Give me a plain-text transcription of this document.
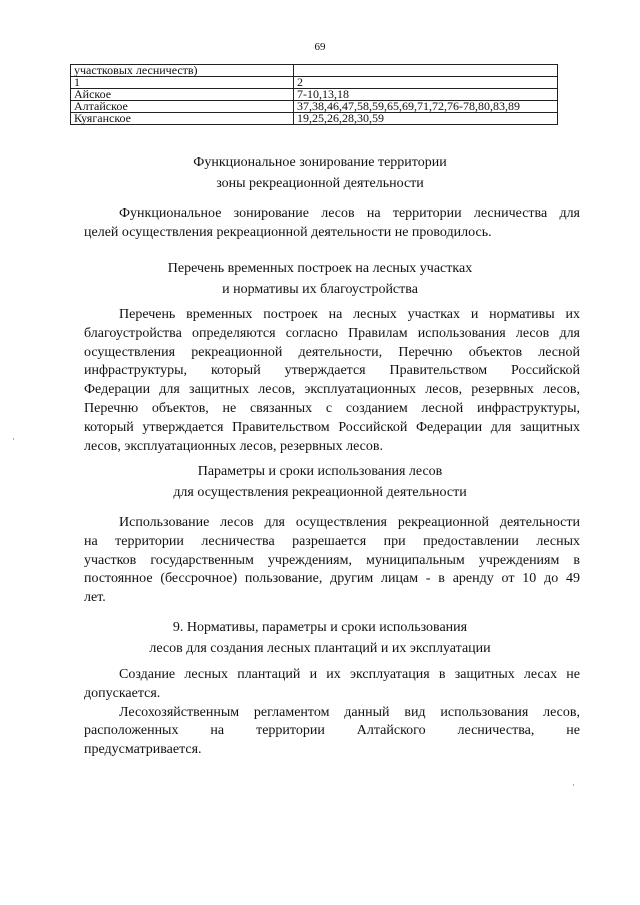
69
участковых лесничеств)	
1	2
Айское	7-10,13,18
Алтайское	37,38,46,47,58,59,65,69,71,72,76-78,80,83,89
Куяганское	19,25,26,28,30,59
Функциональное зонирование территории
зоны рекреационной деятельности
Функциональное зонирование лесов на территории лесничества для
целей осуществления рекреационной деятельности не проводилось.
Перечень временных построек на лесных участках
и нормативы их благоустройства
Перечень временных построек на лесных участках и нормативы их
благоустройства определяются согласно Правилам использования лесов для
осуществления рекреационной деятельности, Перечню объектов лесной
инфраструктуры, который утверждается Правительством Российской
Федерации для защитных лесов, эксплуатационных лесов, резервных лесов,
Перечню объектов, не связанных с созданием лесной инфраструктуры,
который утверждается Правительством Российской Федерации для защитных
лесов, эксплуатационных лесов, резервных лесов.
Параметры и сроки использования лесов
для осуществления рекреационной деятельности
Использование лесов для осуществления рекреационной деятельности
на территории лесничества разрешается при предоставлении лесных
участков государственным учреждениям, муниципальным учреждениям в
постоянное (бессрочное) пользование, другим лицам - в аренду от 10 до 49
лет.
9. Нормативы, параметры и сроки использования
лесов для создания лесных плантаций и их эксплуатации
Создание лесных плантаций и их эксплуатация в защитных лесах не
допускается.
Лесохозяйственным регламентом данный вид использования лесов,
расположенных на территории Алтайского лесничества, не
предусматривается.
·
·
